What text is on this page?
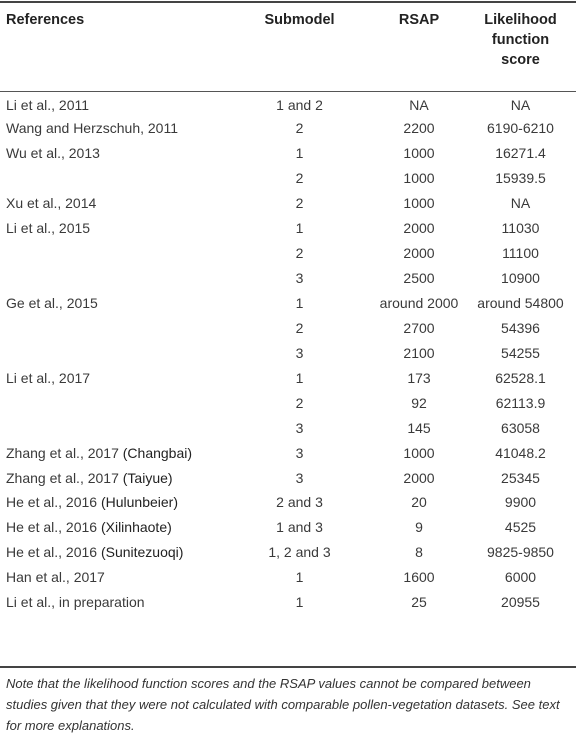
References	Submodel	RSAP	Likelihood
function
score
Li et al., 2011	1 and 2	NA	NA
Wang and Herzschuh, 2011	2	2200	6190-6210
Wu et al., 2013	1	1000	16271.4
	2	1000	15939.5
Xu et al., 2014	2	1000	NA
Li et al., 2015	1	2000	11030
	2	2000	11100
	3	2500	10900
Ge et al., 2015	1	around 2000	around 54800
	2	2700	54396
	3	2100	54255
Li et al., 2017	1	173	62528.1
	2	92	62113.9
	3	145	63058
Zhang et al., 2017 (Changbai)	3	1000	41048.2
Zhang et al., 2017 (Taiyue)	3	2000	25345
He et al., 2016 (Hulunbeier)	2 and 3	20	9900
He et al., 2016 (Xilinhaote)	1 and 3	9	4525
He et al., 2016 (Sunitezuoqi)	1, 2 and 3	8	9825-9850
Han et al., 2017	1	1600	6000
Li et al., in preparation	1	25	20955
Note that the likelihood function scores and the RSAP values cannot be compared between studies given that they were not calculated with comparable pollen-vegetation datasets. See text for more explanations.
